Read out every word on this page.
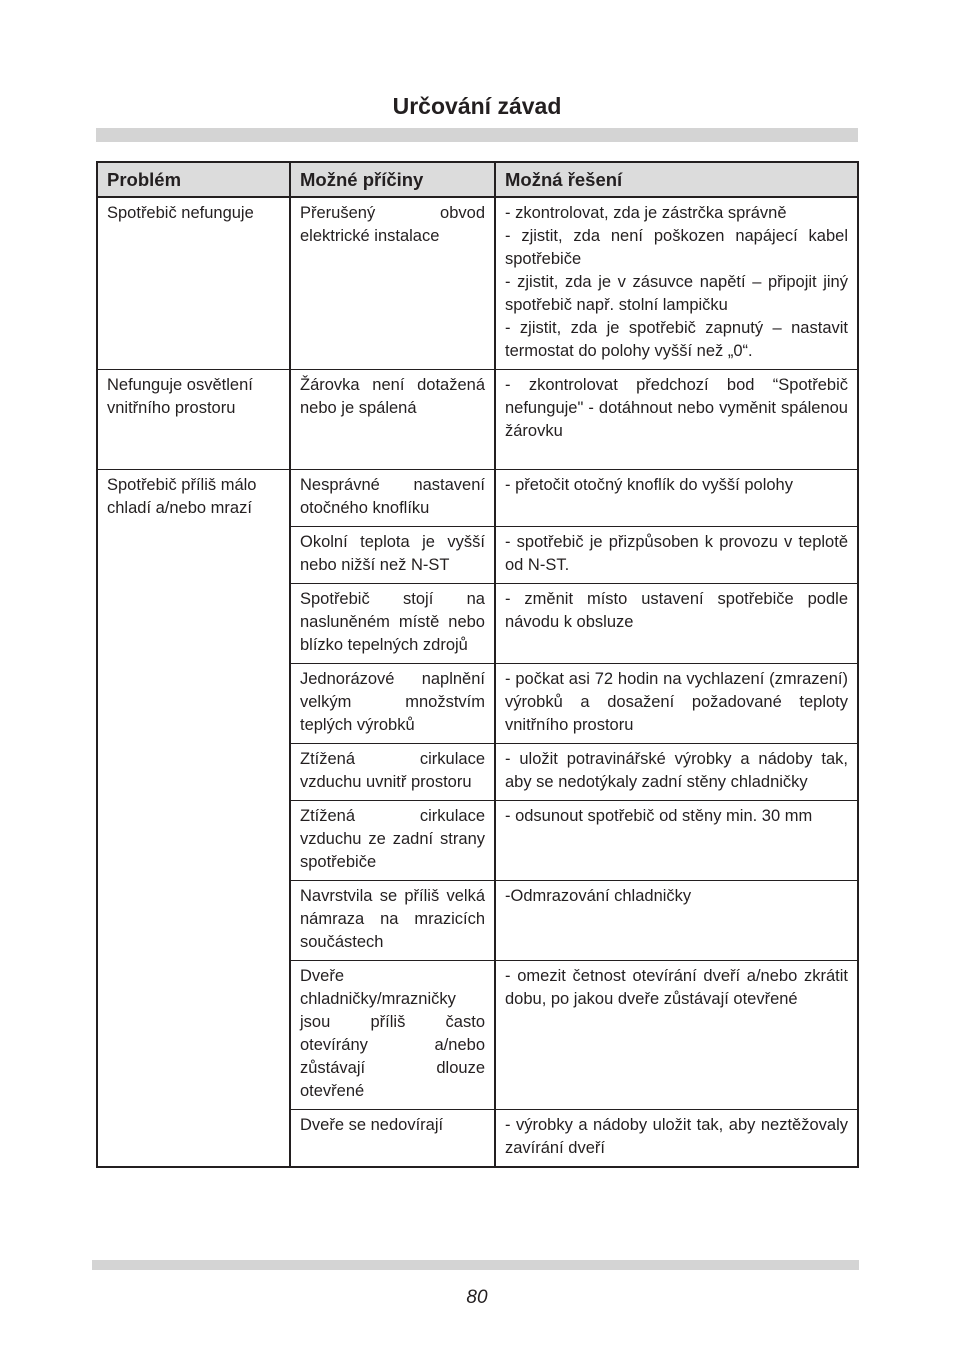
Určování závad
Problém	Možné příčiny	Možná řešení
Spotřebič nefunguje	Přerušený obvod elektrické instalace	- zkontrolovat, zda je zástrčka správně
- zjistit, zda není poškozen napájecí kabel spotřebiče
- zjistit, zda je v zásuvce napětí – připojit jiný spotřebič např. stolní lampičku
- zjistit, zda je spotřebič zapnutý – nastavit termostat do polohy vyšší než „0“.

Nefunguje osvětlení vnitřního prostoru	Žárovka není dotažená nebo je spálená	- zkontrolovat předchozí bod “Spotřebič nefunguje" - dotáhnout nebo vyměnit spálenou žárovku

Spotřebič příliš málo chladí a/nebo mrazí	Nesprávné nastavení otočného knoflíku	- přetočit otočný knoflík do vyšší polohy

	Okolní teplota je vyšší nebo nižší než N-ST	- spotřebič je přizpůsoben k provozu v teplotě od N-ST.

	Spotřebič stojí na nasluněném místě nebo blízko tepelných zdrojů	- změnit místo ustavení spotřebiče podle návodu k obsluze

	Jednorázové naplnění velkým množstvím teplých výrobků	- počkat asi 72 hodin na vychlazení (zmrazení) výrobků a dosažení požadované teploty vnitřního prostoru

	Ztížená cirkulace vzduchu uvnitř prostoru	- uložit potravinářské výrobky a nádoby tak, aby se nedotýkaly zadní stěny chladničky

	Ztížená cirkulace vzduchu ze zadní strany spotřebiče	- odsunout spotřebič od stěny min. 30 mm

	Navrstvila se příliš velká námraza na mrazicích součástech	-Odmrazování chladničky

	Dveře chladničky/mrazničky jsou příliš často otevírány a/nebo zůstávají dlouze otevřené	- omezit četnost otevírání dveří a/nebo zkrátit dobu, po jakou dveře zůstávají otevřené

	Dveře se nedovírají	- výrobky a nádoby uložit tak, aby neztěžovaly zavírání dveří
80
